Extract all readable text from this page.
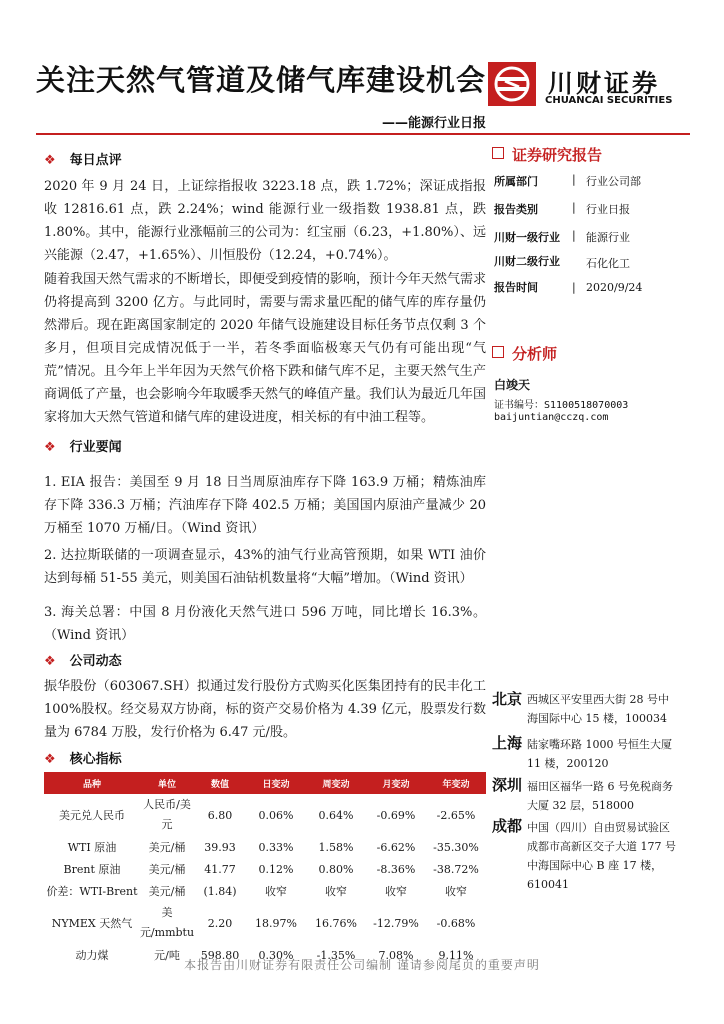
关注天然气管道及储气库建设机会 川财证券
CHUANCAI SECURITIES
——能源行业日报
❖ 每日点评
2020 年 9 月 24 日，上证综指报收 3223.18 点，跌 1.72%；深证成指报收 12816.61 点，跌 2.24%；wind 能源行业一级指数 1938.81 点，跌 1.80%。其中，能源行业涨幅前三的公司为：红宝丽（6.23，+1.80%）、远兴能源（2.47，+1.65%）、川恒股份（12.24，+0.74%）。
随着我国天然气需求的不断增长，即便受到疫情的影响，预计今年天然气需求仍将提高到 3200 亿方。与此同时，需要与需求量匹配的储气库的库存量仍然滞后。现在距离国家制定的 2020 年储气设施建设目标任务节点仅剩 3 个多月，但项目完成情况低于一半，若冬季面临极寒天气仍有可能出现“气荒”情况。且今年上半年因为天然气价格下跌和储气库不足，主要天然气生产商调低了产量，也会影响今年取暖季天然气的峰值产量。我们认为最近几年国家将加大天然气管道和储气库的建设进度，相关标的有中油工程等。
❖ 行业要闻
1. EIA 报告：美国至 9 月 18 日当周原油库存下降 163.9 万桶；精炼油库存下降 336.3 万桶；汽油库存下降 402.5 万桶；美国国内原油产量减少 20 万桶至 1070 万桶/日。（Wind 资讯）
2. 达拉斯联储的一项调查显示，43%的油气行业高管预期，如果 WTI 油价达到每桶 51-55 美元，则美国石油钻机数量将“大幅”增加。（Wind 资讯）
3. 海关总署：中国 8 月份液化天然气进口 596 万吨，同比增长 16.3%。（Wind 资讯）
❖ 公司动态
振华股份（603067.SH）拟通过发行股份方式购买化医集团持有的民丰化工 100%股权。经交易双方协商，标的资产交易价格为 4.39 亿元，股票发行数量为 6784 万股，发行价格为 6.47 元/股。
❖ 核心指标
品种	单位	数值	日变动	周变动	月变动	年变动
美元兑人民币	人民币/美元	6.80	0.06%	0.64%	-0.69%	-2.65%
WTI 原油	美元/桶	39.93	0.33%	1.58%	-6.62%	-35.30%
Brent 原油	美元/桶	41.77	0.12%	0.80%	-8.36%	-38.72%
价差：WTI-Brent	美元/桶	(1.84)	收窄	收窄	收窄	收窄
NYMEX 天然气	美元/mmbtu	2.20	18.97%	16.76%	-12.79%	-0.68%
动力煤	元/吨	598.80	0.30%	-1.35%	7.08%	9.11%
证券研究报告
所属部门	| 行业公司部
报告类别	| 行业日报
川财一级行业 | 能源行业
川财二级行业 石化化工
报告时间	| 2020/9/24
分析师
白竣天
证书编号：S1100518070003
baijuntian@cczq.com
北京 西城区平安里西大街 28 号中海国际中心 15 楼，100034
上海 陆家嘴环路 1000 号恒生大厦 11 楼，200120
深圳 福田区福华一路 6 号免税商务大厦 32 层，518000
成都 中国（四川）自由贸易试验区成都市高新区交子大道 177 号中海国际中心 B 座 17 楼，610041
本报告由川财证券有限责任公司编制 谨请参阅尾页的重要声明
